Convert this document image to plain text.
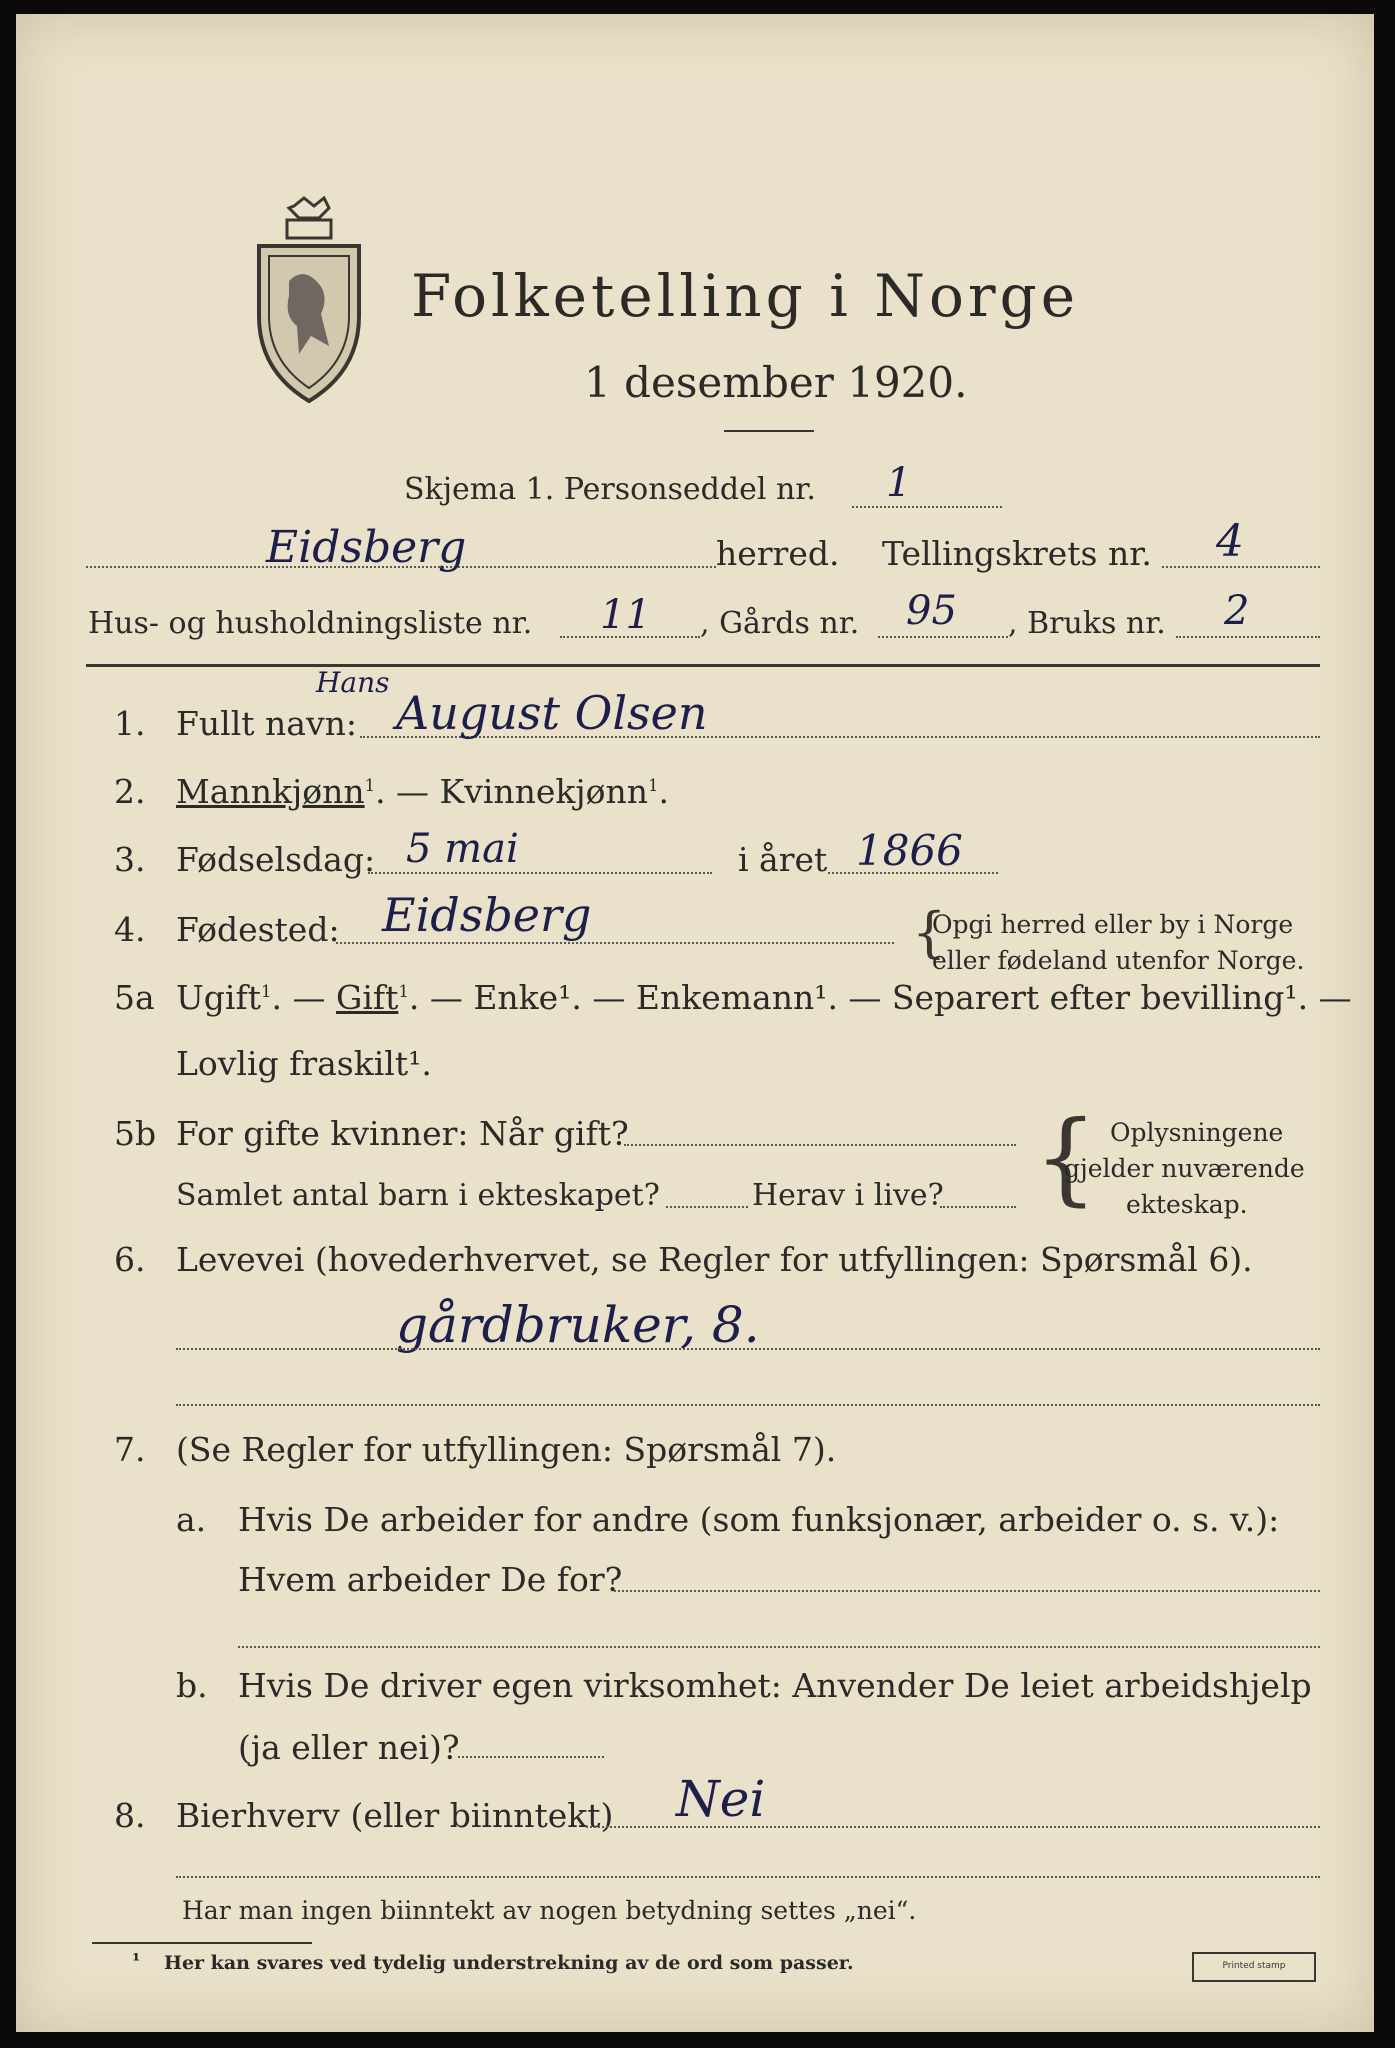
Folketelling i Norge
1 desember 1920.
Skjema 1. Personseddel nr. 1
Eidsberg	herred. Tellingskrets nr. 4
Hus- og husholdningsliste nr. 11 , Gårds nr. 95 , Bruks nr. 2
1. Fullt navn:
Hans
August Olsen
2. Mannkjønn$^1$. — Kvinnekjønn$^1$.
3. Fødselsdag: 5 mai	i året 1866
4. Fødested: Eidsberg	{
Opgi herred eller by i Norge
eller fødeland utenfor Norge.
5a Ugift$^1$. — Gift$^1$. — Enke¹. — Enkemann¹. — Separert efter bevilling¹. —
Lovlig fraskilt¹.
5b For gifte kvinner: Når gift?
Samlet antal barn i ekteskapet?	Herav i live? { Oplysningene
gjelder nuværende
ekteskap.
6. Levevei (hovederhvervet, se Regler for utfyllingen: Spørsmål 6).
gårdbruker, 8.
7. (Se Regler for utfyllingen: Spørsmål 7).
a. Hvis De arbeider for andre (som funksjonær, arbeider o. s. v.):
Hvem arbeider De for?
b. Hvis De driver egen virksomhet: Anvender De leiet arbeidshjelp
(ja eller nei)?
8. Bierhverv (eller biinntekt) Nei
Har man ingen biinntekt av nogen betydning settes „nei“.
¹ Her kan svares ved tydelig understrekning av de ord som passer.	Printed stamp
